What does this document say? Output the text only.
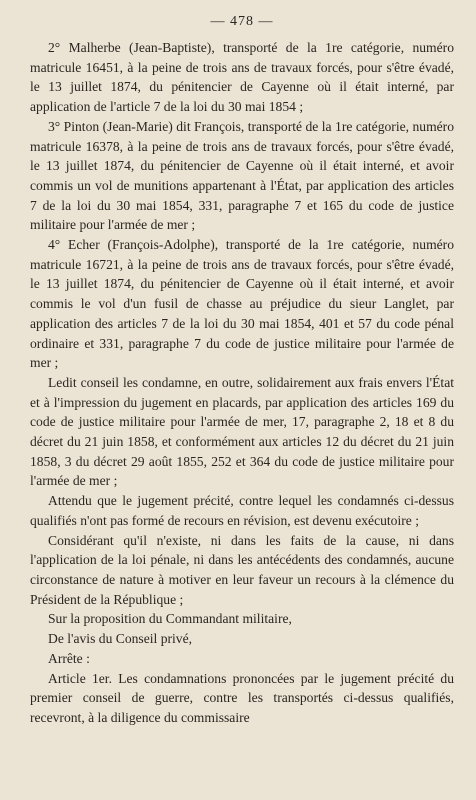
— 478 —

2° Malherbe (Jean-Baptiste), transporté de la 1re catégorie, numéro matricule 16451, à la peine de trois ans de travaux forcés, pour s'être évadé, le 13 juillet 1874, du pénitencier de Cayenne où il était interné, par application de l'article 7 de la loi du 30 mai 1854 ;

3° Pinton (Jean-Marie) dit François, transporté de la 1re catégorie, numéro matricule 16378, à la peine de trois ans de travaux forcés, pour s'être évadé, le 13 juillet 1874, du pénitencier de Cayenne où il était interné, et avoir commis un vol de munitions appartenant à l'État, par application des articles 7 de la loi du 30 mai 1854, 331, paragraphe 7 et 165 du code de justice militaire pour l'armée de mer ;

4° Echer (François-Adolphe), transporté de la 1re catégorie, numéro matricule 16721, à la peine de trois ans de travaux forcés, pour s'être évadé, le 13 juillet 1874, du pénitencier de Cayenne où il était interné, et avoir commis le vol d'un fusil de chasse au préjudice du sieur Langlet, par application des articles 7 de la loi du 30 mai 1854, 401 et 57 du code pénal ordinaire et 331, paragraphe 7 du code de justice militaire pour l'armée de mer ;

Ledit conseil les condamne, en outre, solidairement aux frais envers l'État et à l'impression du jugement en placards, par application des articles 169 du code de justice militaire pour l'armée de mer, 17, paragraphe 2, 18 et 8 du décret du 21 juin 1858, et conformément aux articles 12 du décret du 21 juin 1858, 3 du décret 29 août 1855, 252 et 364 du code de justice militaire pour l'armée de mer ;

Attendu que le jugement précité, contre lequel les condamnés ci-dessus qualifiés n'ont pas formé de recours en révision, est devenu exécutoire ;

Considérant qu'il n'existe, ni dans les faits de la cause, ni dans l'application de la loi pénale, ni dans les antécédents des condamnés, aucune circonstance de nature à motiver en leur faveur un recours à la clémence du Président de la République ;

Sur la proposition du Commandant militaire,

De l'avis du Conseil privé,

Arrête :

Article 1er. Les condamnations prononcées par le jugement précité du premier conseil de guerre, contre les transportés ci-dessus qualifiés, recevront, à la diligence du commissaire
